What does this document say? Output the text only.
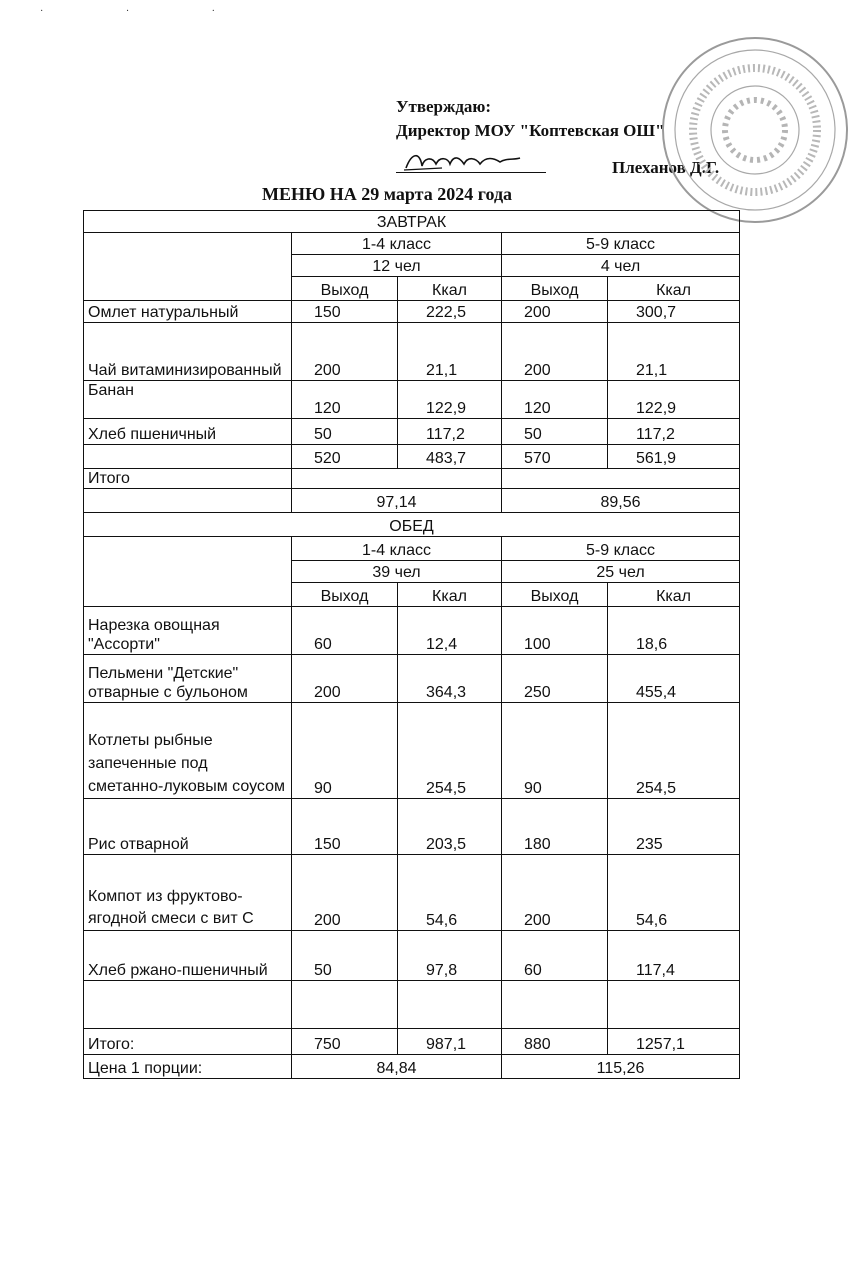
· · ·
Утверждаю:
Директор МОУ "Коптевская ОШ"
Плеханов Д.Г.
МЕНЮ НА 29 марта 2024 года
ЗАВТРАК				
	1-4 класс		5-9 класс	
	12 чел		4 чел	
	Выход	Ккал	Выход	Ккал
Омлет натуральный	150	222,5	200	300,7
Чай витаминизированный	200	21,1	200	21,1
Банан	120	122,9	120	122,9
Хлеб пшеничный	50	117,2	50	117,2
	520	483,7	570	561,9
Итого				
	97,14		89,56	
ОБЕД				
	1-4 класс		5-9 класс	
	39 чел		25 чел	
	Выход	Ккал	Выход	Ккал
Нарезка овощная "Ассорти"	60	12,4	100	18,6
Пельмени "Детские" отварные с бульоном	200	364,3	250	455,4
Котлеты рыбные запеченные под сметанно-луковым соусом	90	254,5	90	254,5
Рис отварной	150	203,5	180	235
Компот из фруктово-ягодной смеси с вит С	200	54,6	200	54,6
Хлеб ржано-пшеничный	50	97,8	60	117,4

Итого:	750	987,1	880	1257,1
Цена 1 порции:	84,84		115,26	
